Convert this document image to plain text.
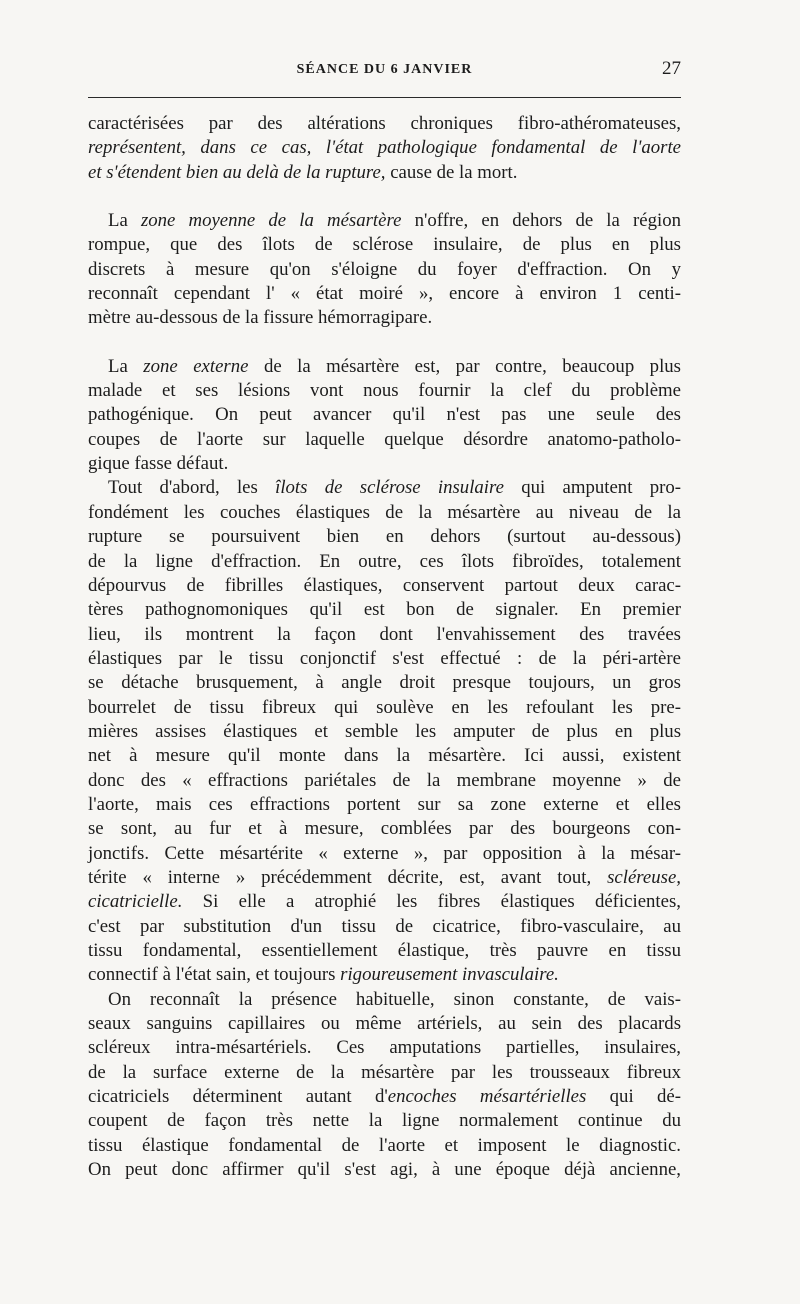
SÉANCE DU 6 JANVIER	27
caractérisées par des altérations chroniques fibro-athéromateuses,
représentent, dans ce cas, l'état pathologique fondamental de l'aorte
et s'étendent bien au delà de la rupture, cause de la mort.
La zone moyenne de la mésartère n'offre, en dehors de la région
rompue, que des îlots de sclérose insulaire, de plus en plus
discrets à mesure qu'on s'éloigne du foyer d'effraction. On y
reconnaît cependant l' « état moiré », encore à environ 1 centi-
mètre au-dessous de la fissure hémorragipare.
La zone externe de la mésartère est, par contre, beaucoup plus
malade et ses lésions vont nous fournir la clef du problème
pathogénique. On peut avancer qu'il n'est pas une seule des
coupes de l'aorte sur laquelle quelque désordre anatomo-patholo-
gique fasse défaut.
Tout d'abord, les îlots de sclérose insulaire qui amputent pro-
fondément les couches élastiques de la mésartère au niveau de la
rupture se poursuivent bien en dehors (surtout au-dessous)
de la ligne d'effraction. En outre, ces îlots fibroïdes, totalement
dépourvus de fibrilles élastiques, conservent partout deux carac-
tères pathognomoniques qu'il est bon de signaler. En premier
lieu, ils montrent la façon dont l'envahissement des travées
élastiques par le tissu conjonctif s'est effectué : de la péri-artère
se détache brusquement, à angle droit presque toujours, un gros
bourrelet de tissu fibreux qui soulève en les refoulant les pre-
mières assises élastiques et semble les amputer de plus en plus
net à mesure qu'il monte dans la mésartère. Ici aussi, existent
donc des « effractions pariétales de la membrane moyenne » de
l'aorte, mais ces effractions portent sur sa zone externe et elles
se sont, au fur et à mesure, comblées par des bourgeons con-
jonctifs. Cette mésartérite « externe », par opposition à la mésar-
térite « interne » précédemment décrite, est, avant tout, scléreuse,
cicatricielle. Si elle a atrophié les fibres élastiques déficientes,
c'est par substitution d'un tissu de cicatrice, fibro-vasculaire, au
tissu fondamental, essentiellement élastique, très pauvre en tissu
connectif à l'état sain, et toujours rigoureusement invasculaire.
On reconnaît la présence habituelle, sinon constante, de vais-
seaux sanguins capillaires ou même artériels, au sein des placards
scléreux intra-mésartériels. Ces amputations partielles, insulaires,
de la surface externe de la mésartère par les trousseaux fibreux
cicatriciels déterminent autant d'encoches mésartérielles qui dé-
coupent de façon très nette la ligne normalement continue du
tissu élastique fondamental de l'aorte et imposent le diagnostic.
On peut donc affirmer qu'il s'est agi, à une époque déjà ancienne,
